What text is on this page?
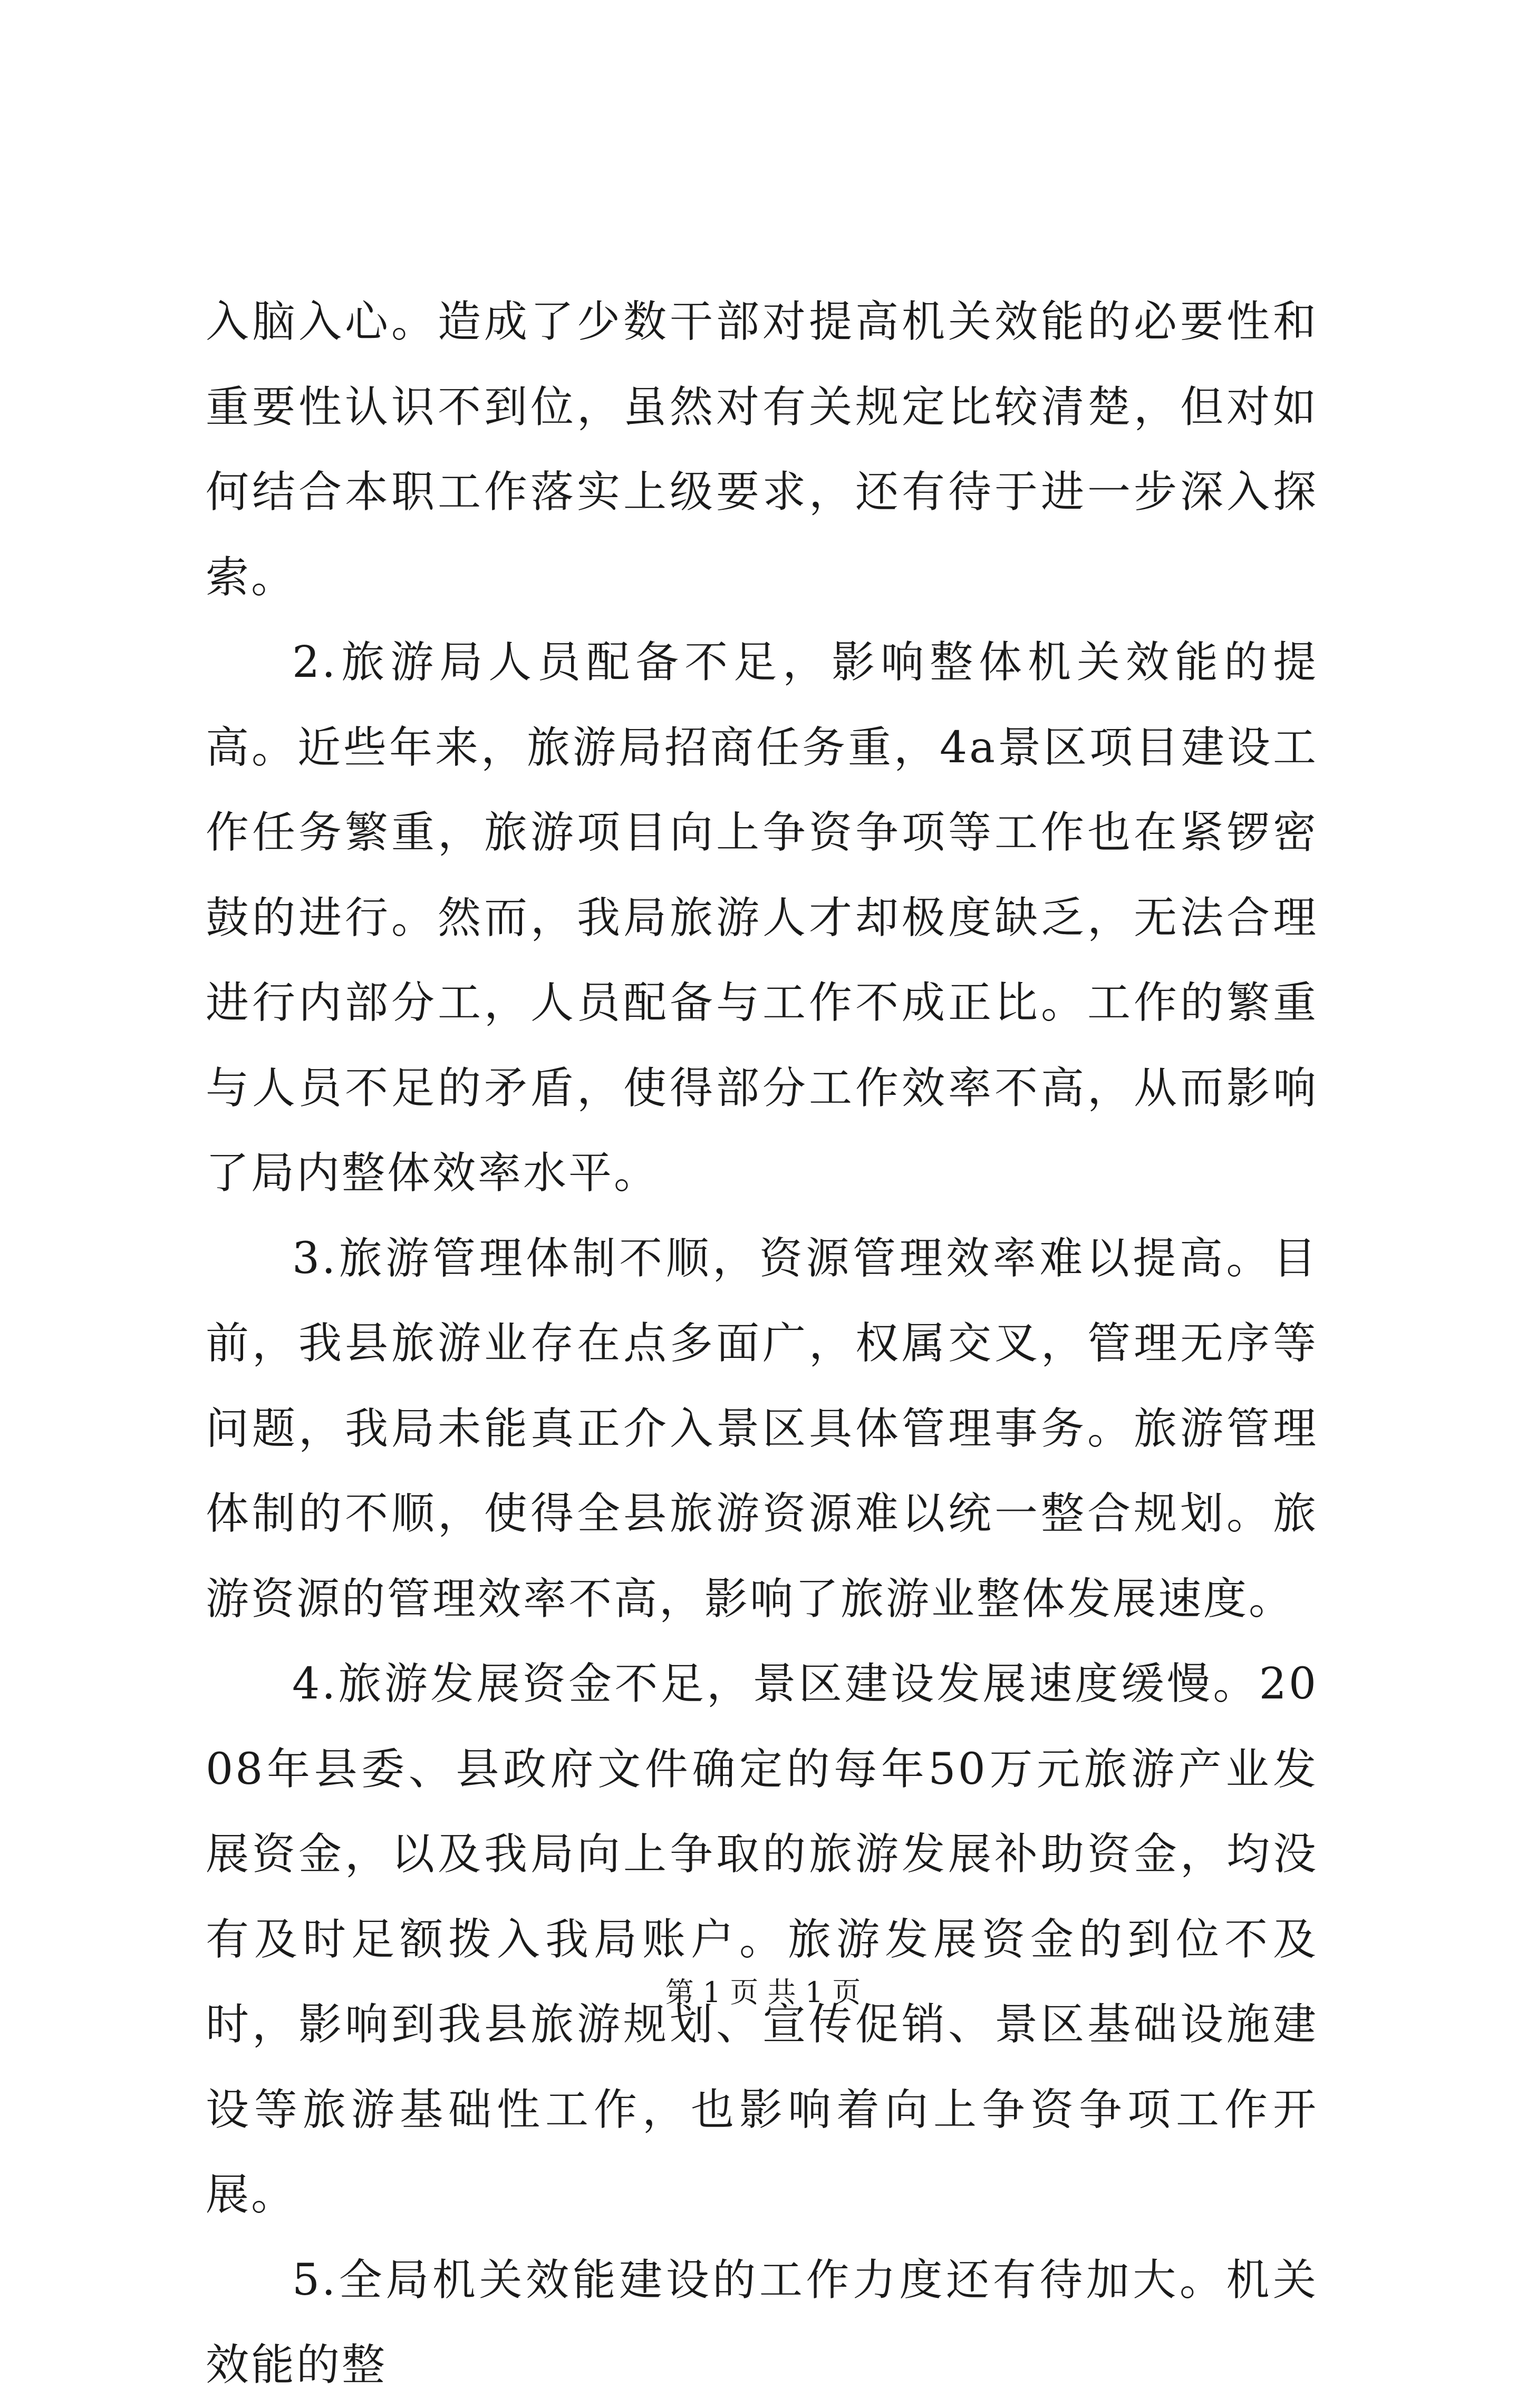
入脑入心。造成了少数干部对提高机关效能的必要性和重要性认识不到位，虽然对有关规定比较清楚，但对如何结合本职工作落实上级要求，还有待于进一步深入探索。

2.旅游局人员配备不足，影响整体机关效能的提高。近些年来，旅游局招商任务重，4a景区项目建设工作任务繁重，旅游项目向上争资争项等工作也在紧锣密鼓的进行。然而，我局旅游人才却极度缺乏，无法合理进行内部分工，人员配备与工作不成正比。工作的繁重与人员不足的矛盾，使得部分工作效率不高，从而影响了局内整体效率水平。

3.旅游管理体制不顺，资源管理效率难以提高。目前，我县旅游业存在点多面广，权属交叉，管理无序等问题，我局未能真正介入景区具体管理事务。旅游管理体制的不顺，使得全县旅游资源难以统一整合规划。旅游资源的管理效率不高，影响了旅游业整体发展速度。

4.旅游发展资金不足，景区建设发展速度缓慢。2008年县委、县政府文件确定的每年50万元旅游产业发展资金，以及我局向上争取的旅游发展补助资金，均没有及时足额拨入我局账户。旅游发展资金的到位不及时，影响到我县旅游规划、宣传促销、景区基础设施建设等旅游基础性工作，也影响着向上争资争项工作开展。

5.全局机关效能建设的工作力度还有待加大。机关效能的整

第 1 页 共 1 页
